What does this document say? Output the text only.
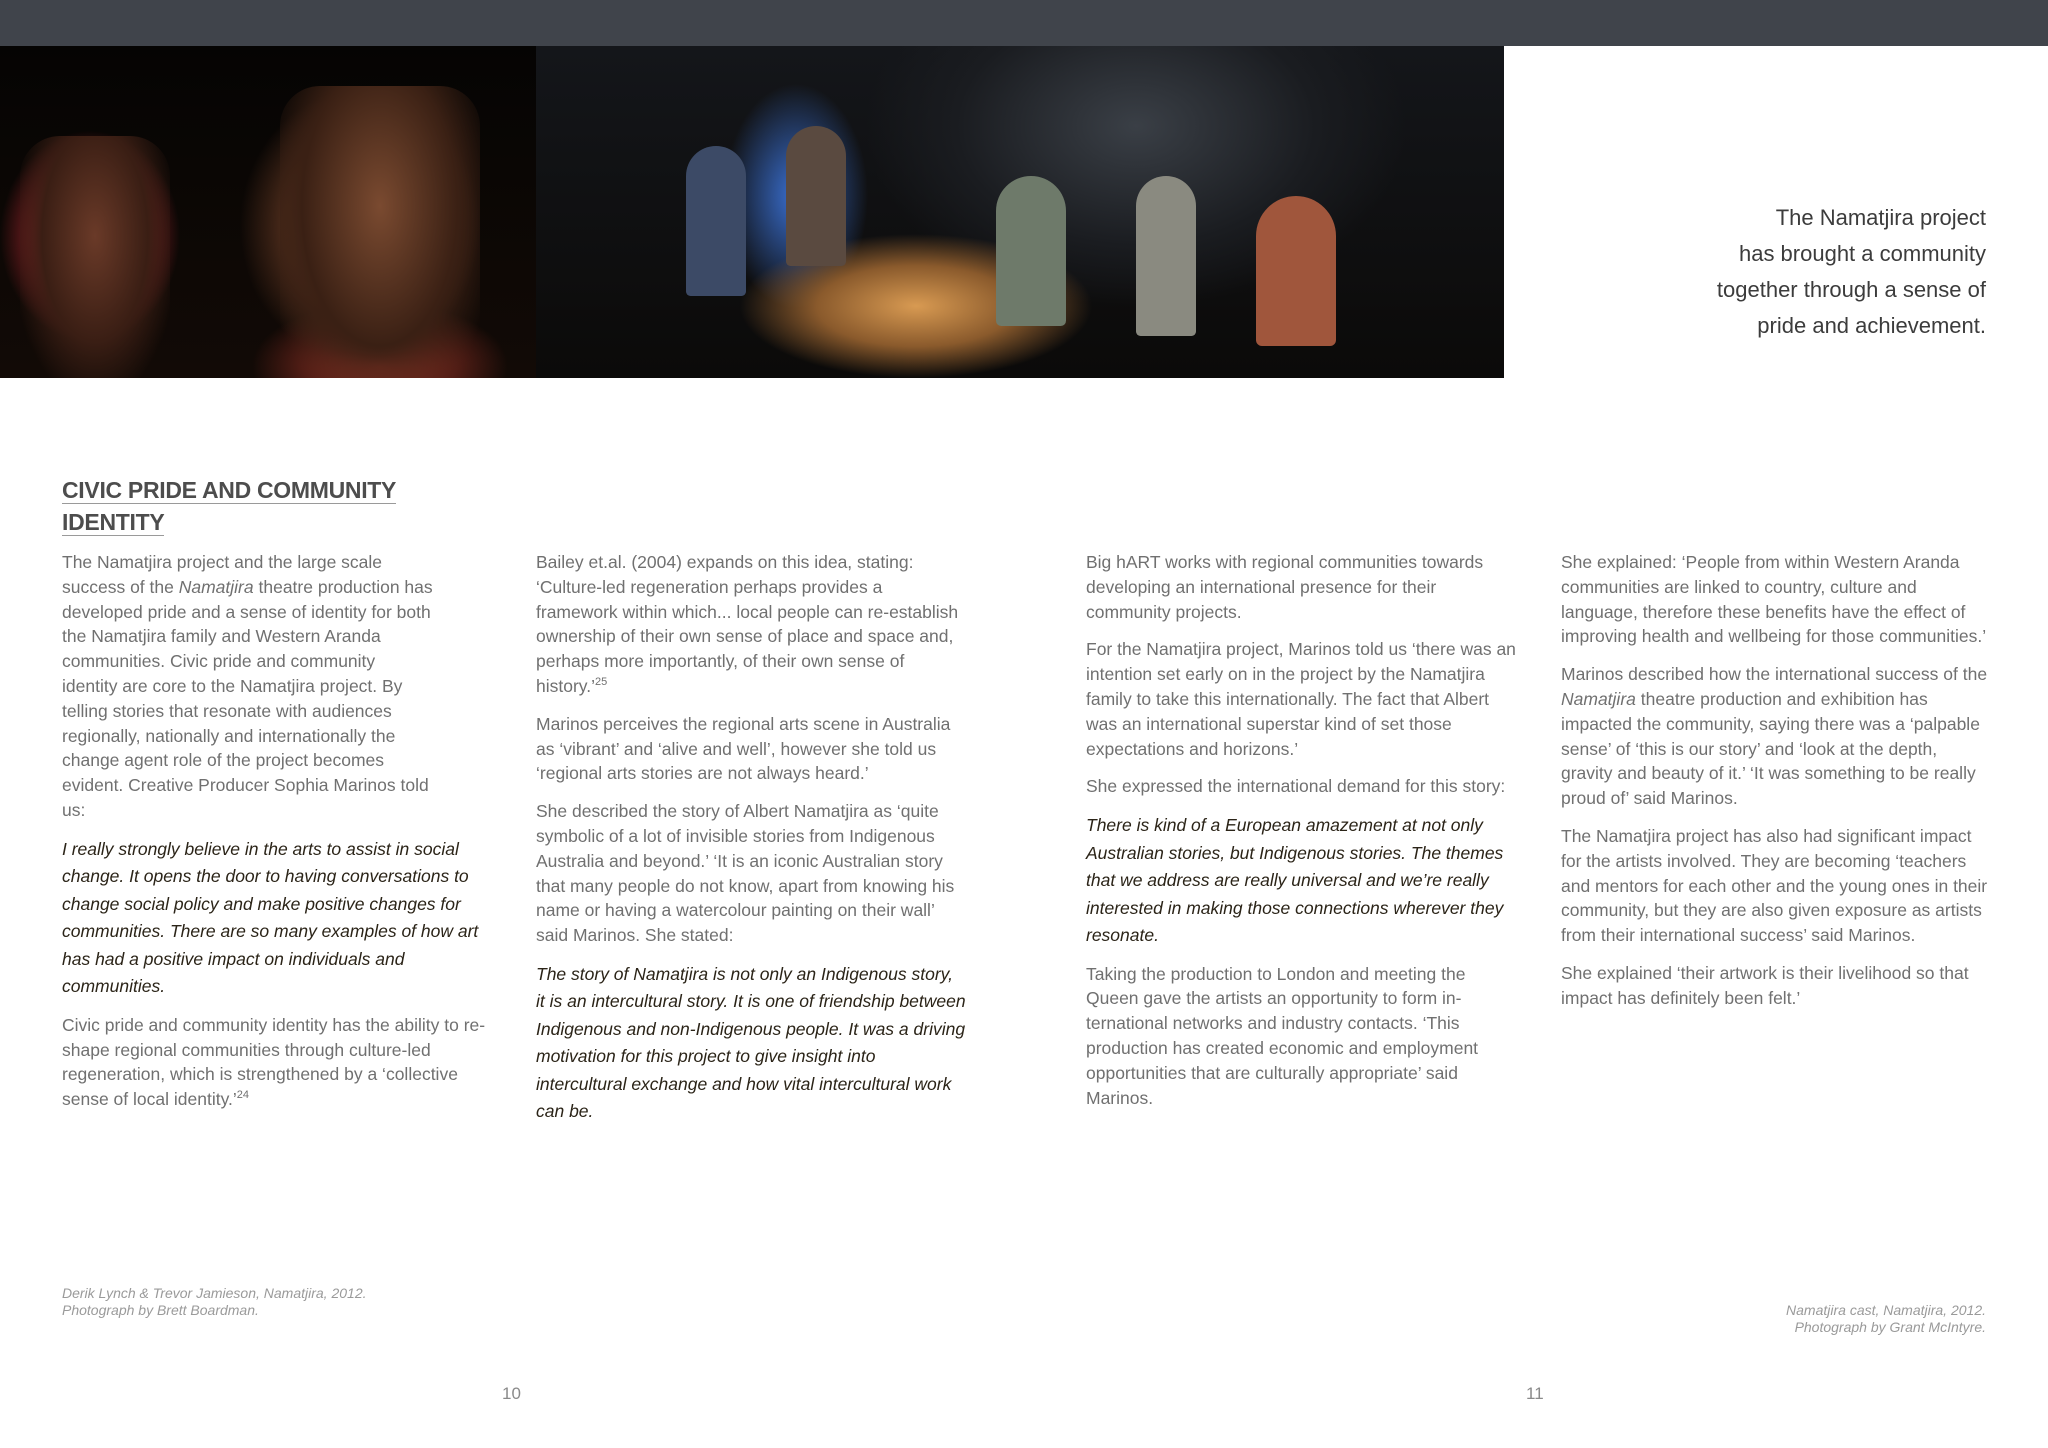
The Namatjira project
has brought a community
together through a sense of
pride and achievement.
CIVIC PRIDE AND COMMUNITY
IDENTITY

The Namatjira project and the large scale success of the Namatjira theatre production has developed pride and a sense of identity for both the Namatjira family and Western Aranda communities. Civic pride and community identity are core to the Namatjira project. By telling stories that resonate with audiences regionally, nationally and internationally the change agent role of the project becomes evident. Creative Producer Sophia Marinos told us:

I really strongly believe in the arts to assist in social change. It opens the door to having conversations to change social policy and make positive changes for communities. There are so many examples of how art has had a positive impact on individuals and communities.

Civic pride and community identity has the ability to re-shape regional communities through culture-led regeneration, which is strengthened by a ‘collective sense of local identity.’$^{24}$

Bailey et.al. (2004) expands on this idea, stating: ‘Culture-led regeneration perhaps provides a framework within which... local people can re-establish ownership of their own sense of place and space and, perhaps more importantly, of their own sense of history.’$^{25}$

Marinos perceives the regional arts scene in Australia as ‘vibrant’ and ‘alive and well’, however she told us ‘regional arts stories are not always heard.’

She described the story of Albert Namatjira as ‘quite symbolic of a lot of invisible stories from Indigenous Australia and beyond.’ ‘It is an iconic Australian story that many people do not know, apart from knowing his name or having a watercolour painting on their wall’ said Marinos. She stated:

The story of Namatjira is not only an Indigenous story, it is an intercultural story. It is one of friendship between Indigenous and non-Indigenous people. It was a driving motivation for this project to give insight into intercultural exchange and how vital intercultural work can be.

Big hART works with regional communities towards developing an international presence for their community projects.

For the Namatjira project, Marinos told us ‘there was an intention set early on in the project by the Namatjira family to take this internationally. The fact that Albert was an international superstar kind of set those expectations and horizons.’

She expressed the international demand for this story:

There is kind of a European amazement at not only Australian stories, but Indigenous stories. The themes that we address are really universal and we’re really interested in making those connections wherever they resonate.

Taking the production to London and meeting the Queen gave the artists an opportunity to form in-ternational networks and industry contacts. ‘This production has created economic and employment opportunities that are culturally appropriate’ said Marinos.

She explained: ‘People from within Western Aranda communities are linked to country, culture and language, therefore these benefits have the effect of improving health and wellbeing for those communities.’

Marinos described how the international success of the Namatjira theatre production and exhibition has impacted the community, saying there was a ‘palpable sense’ of ‘this is our story’ and ‘look at the depth, gravity and beauty of it.’ ‘It was something to be really proud of’ said Marinos.

The Namatjira project has also had significant impact for the artists involved. They are becoming ‘teachers and mentors for each other and the young ones in their community, but they are also given exposure as artists from their international success’ said Marinos.

She explained ‘their artwork is their livelihood so that impact has definitely been felt.’

Derik Lynch & Trevor Jamieson, Namatjira, 2012.
Photograph by Brett Boardman.	Namatjira cast, Namatjira, 2012.
Photograph by Grant McIntyre.
10	11
